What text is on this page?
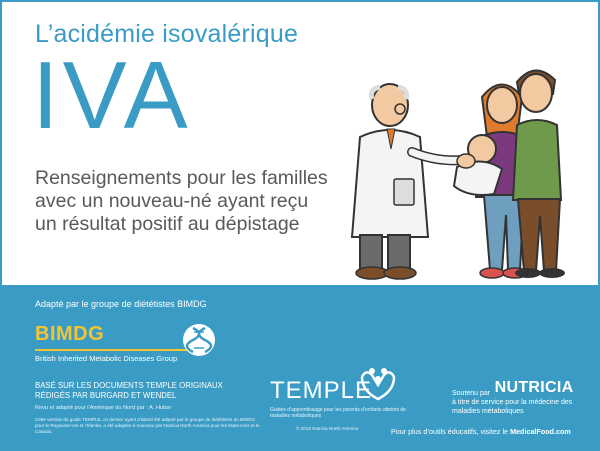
L’acidémie isovalérique
IVA
Renseignements pour les familles avec un nouveau-né ayant reçu un résultat positif au dépistage
Adapté par le groupe de diététistes BIMDG
BIMDG
British Inherited Metabolic Diseases Group
BASÉ SUR LES DOCUMENTS TEMPLE ORIGINAUX
RÉDIGÉS PAR BURGARD ET WENDEL
Revu et adapté pour l’Amérique du Nord par : A. Huber
Cette version du guide TEMPLE, ce dernier ayant d’abord été adapté par le groupe de diététistes du BIMDG pour le Royaume-Uni et l’Irlande, a été adaptée à nouveau par Nutricia North America pour les États-Unis et le Canada.
TEMPLE
Guides d’apprentissage pour les parents d’enfants atteints de maladies métaboliques
© 2019 Nutricia North America
Soutenu par NUTRICIA
à titre de service pour la médecine des maladies métaboliques
Pour plus d’outils éducatifs, visitez le MedicalFood.com
